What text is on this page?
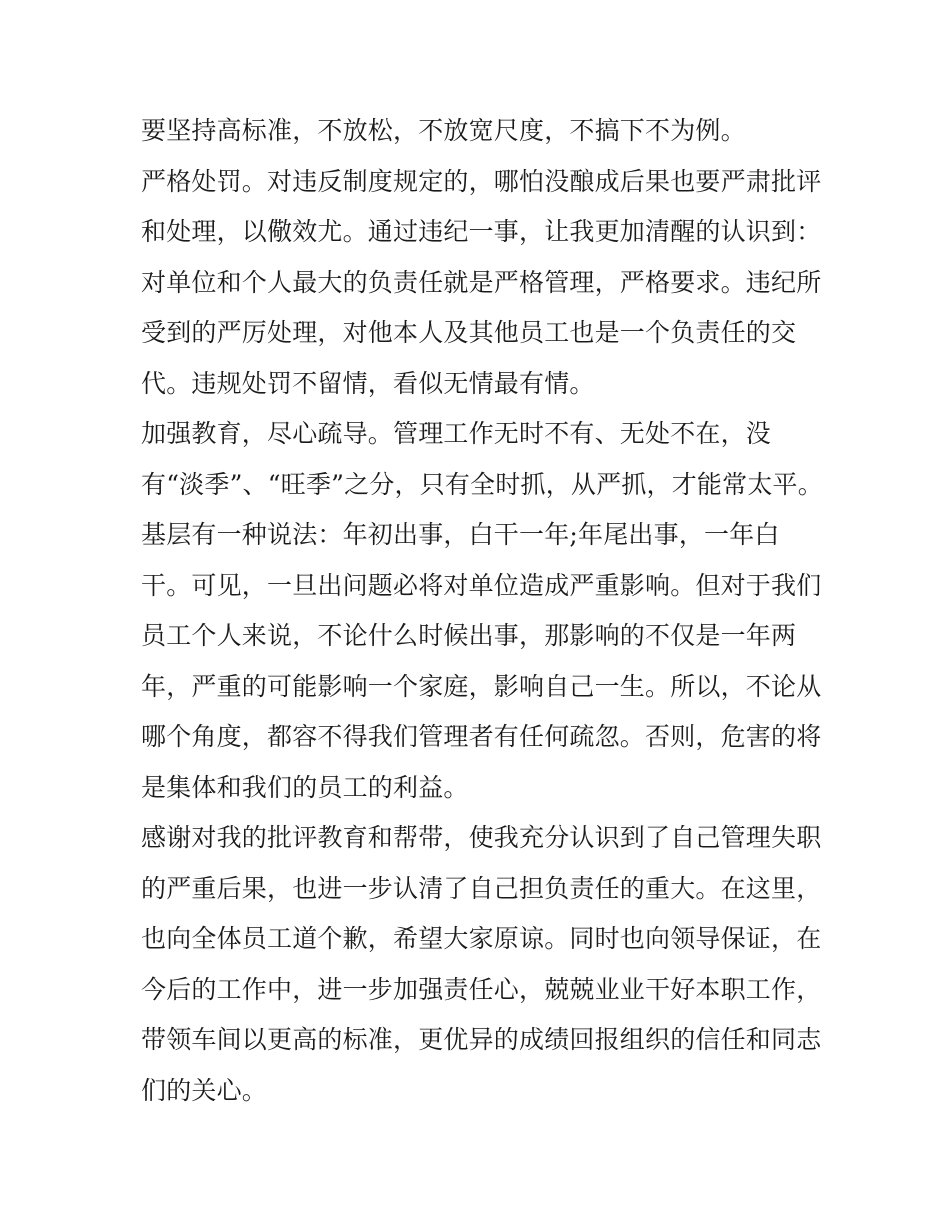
要坚持高标准，不放松，不放宽尺度，不搞下不为例。
严格处罚。对违反制度规定的，哪怕没酿成后果也要严肃批评
和处理，以儆效尤。通过违纪一事，让我更加清醒的认识到：
对单位和个人最大的负责任就是严格管理，严格要求。违纪所
受到的严厉处理，对他本人及其他员工也是一个负责任的交
代。违规处罚不留情，看似无情最有情。
加强教育，尽心疏导。管理工作无时不有、无处不在，没
有“淡季”、“旺季”之分，只有全时抓，从严抓，才能常太平。
基层有一种说法：年初出事，白干一年;年尾出事，一年白
干。可见，一旦出问题必将对单位造成严重影响。但对于我们
员工个人来说，不论什么时候出事，那影响的不仅是一年两
年，严重的可能影响一个家庭，影响自己一生。所以，不论从
哪个角度，都容不得我们管理者有任何疏忽。否则，危害的将
是集体和我们的员工的利益。
感谢对我的批评教育和帮带，使我充分认识到了自己管理失职
的严重后果，也进一步认清了自己担负责任的重大。在这里，
也向全体员工道个歉，希望大家原谅。同时也向领导保证，在
今后的工作中，进一步加强责任心，兢兢业业干好本职工作，
带领车间以更高的标准，更优异的成绩回报组织的信任和同志
们的关心。
